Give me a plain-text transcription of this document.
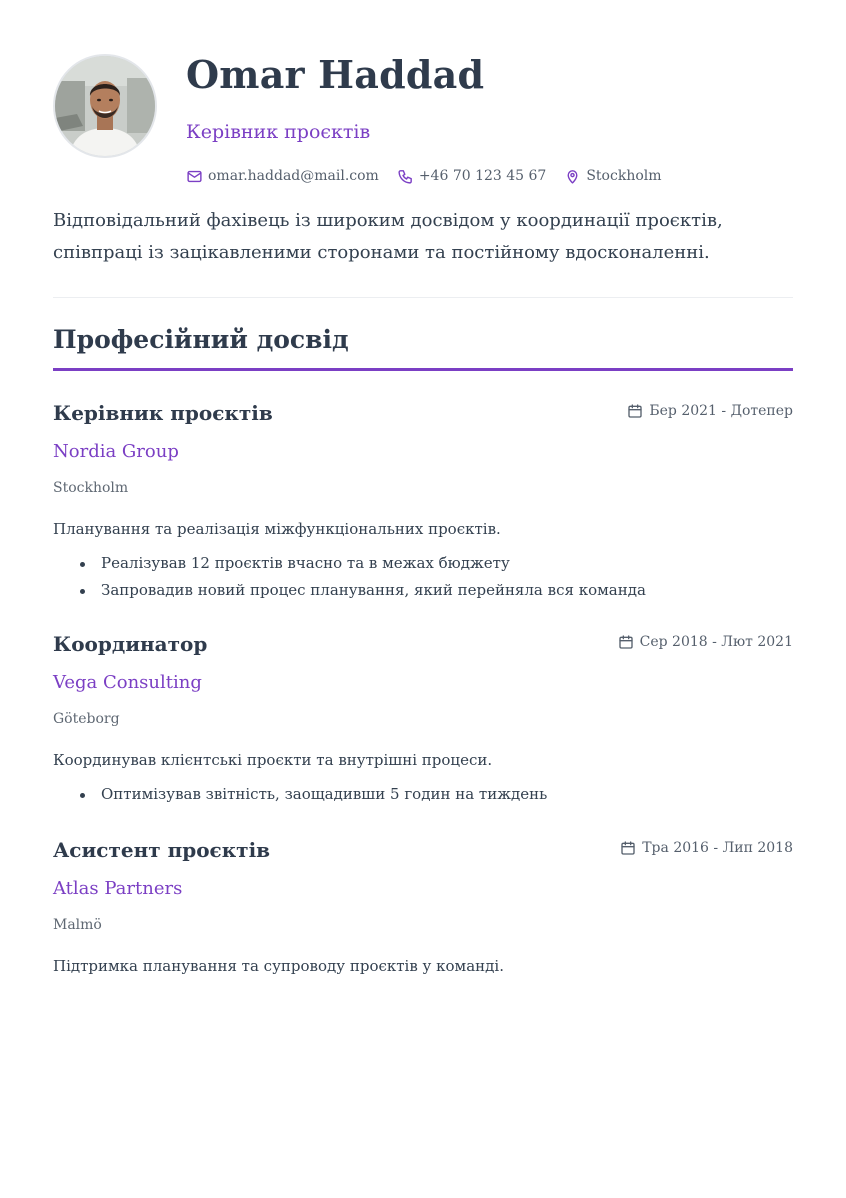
Omar Haddad
Керівник проєктів
omar.haddad@mail.com	+46 70 123 45 67	Stockholm

Відповідальний фахівець із широким досвідом у координації проєктів, співпраці із зацікавленими сторонами та постійному вдосконаленні.

Професійний досвід
Керівник проєктів	Бер 2021 - Дотепер
Nordia Group
Stockholm
Планування та реалізація міжфункціональних проєктів.
Реалізував 12 проєктів вчасно та в межах бюджету
Запровадив новий процес планування, який перейняла вся команда
Координатор	Сер 2018 - Лют 2021
Vega Consulting
Göteborg
Координував клієнтські проєкти та внутрішні процеси.
Оптимізував звітність, заощадивши 5 годин на тиждень
Асистент проєктів	Тра 2016 - Лип 2018
Atlas Partners
Malmö
Підтримка планування та супроводу проєктів у команді.
